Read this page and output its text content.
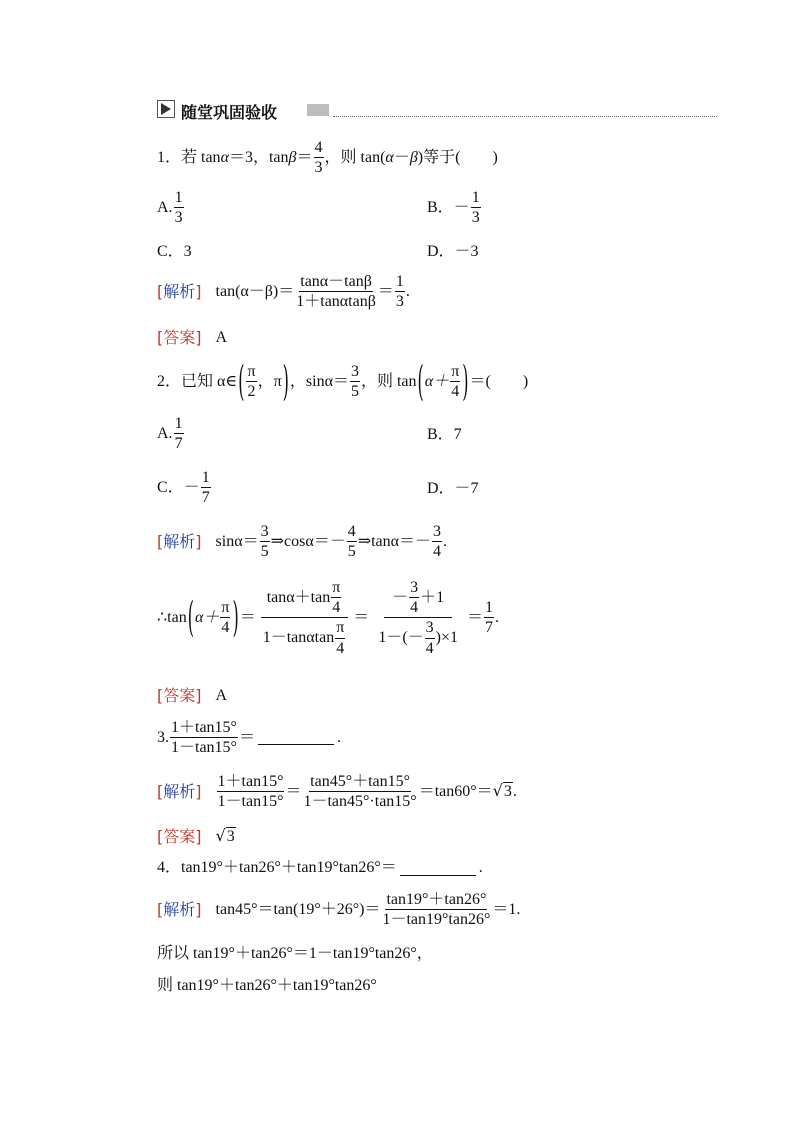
随堂巩固验收
1．若 tan α ＝3，tan β ＝
4
3
，则 tan( α － β )等于(　　)
A.
1
3
B．－
1
3
C．3	D．－3
[解析] tan(α－β)＝
tanα－tanβ
1＋tanαtanβ
＝
1
3
.
[答案] A
2．已知 α∈ ( π
2
，π ) ，sinα＝
3
5
，则 tan ( α＋
π
4 ) ＝(　　)
A.
1
7
B．7
C．－
1
7
D．－7
[解析] sinα＝
3
5
⇒cosα＝－
4
5
⇒tanα＝－
3
4
.
∴tan ( α＋
π
4 ) ＝
tanα＋tan
π
4
1－tanαtan
π
4
＝
－
3
4
＋1
1－(－
3
4
)×1
＝
1
7
.
[答案] A
3.
1＋tan15°
1－tan15°
＝	.
[解析]
1＋tan15°
1－tan15°
＝
tan45°＋tan15°
1－tan45°·tan15°
＝tan60°＝ √3 .
[答案] √3
4．tan19°＋tan26°＋tan19°tan26°＝	.
[解析] tan45°＝tan(19°＋26°)＝
tan19°＋tan26°
1－tan19°tan26°
＝1.
所以 tan19°＋tan26°＝1－tan19°tan26°，
则 tan19°＋tan26°＋tan19°tan26°
